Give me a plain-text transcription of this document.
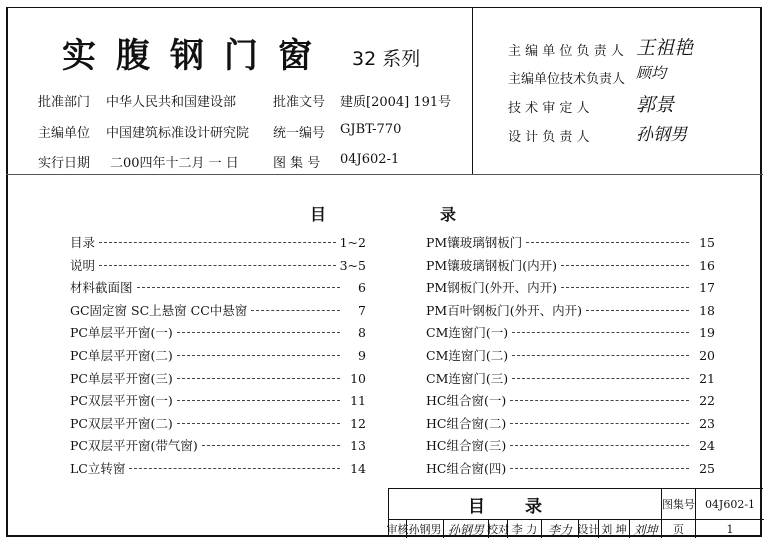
实腹钢门窗 32 系列
批准部门 中华人民共和国建设部
主编单位 中国建筑标准设计研究院
实行日期 二00四年十二月 一 日
批准文号 建质[2004] 191号
统一编号 GJBT-770
图 集 号 04J602-1
主 编 单 位 负 责 人 王祖艳
主编单位技术负责人 顾均
技 术 审 定 人 郭景
设 计 负 责 人	孙钢男
目	录
目录	1~2
说明	3~5
材料截面图	6
GC固定窗 SC上悬窗 CC中悬窗	7
PC单层平开窗(一)	8
PC单层平开窗(二)	9
PC单层平开窗(三)	10
PC双层平开窗(一)	11
PC双层平开窗(二)	12
PC双层平开窗(带气窗)	13
LC立转窗	14
PM镶玻璃钢板门	15
PM镶玻璃钢板门(内开)	16
PM钢板门(外开、内开)	17
PM百叶钢板门(外开、内开)	18
CM连窗门(一)	19
CM连窗门(二)	20
CM连窗门(三)	21
HC组合窗(一)	22
HC组合窗(二)	23
HC组合窗(三)	24
HC组合窗(四)	25
目录	图集号 04J602-1
审核 孙钢男 孙钢男 校对 李 力 李力 设计 刘 坤 刘坤	页	1
